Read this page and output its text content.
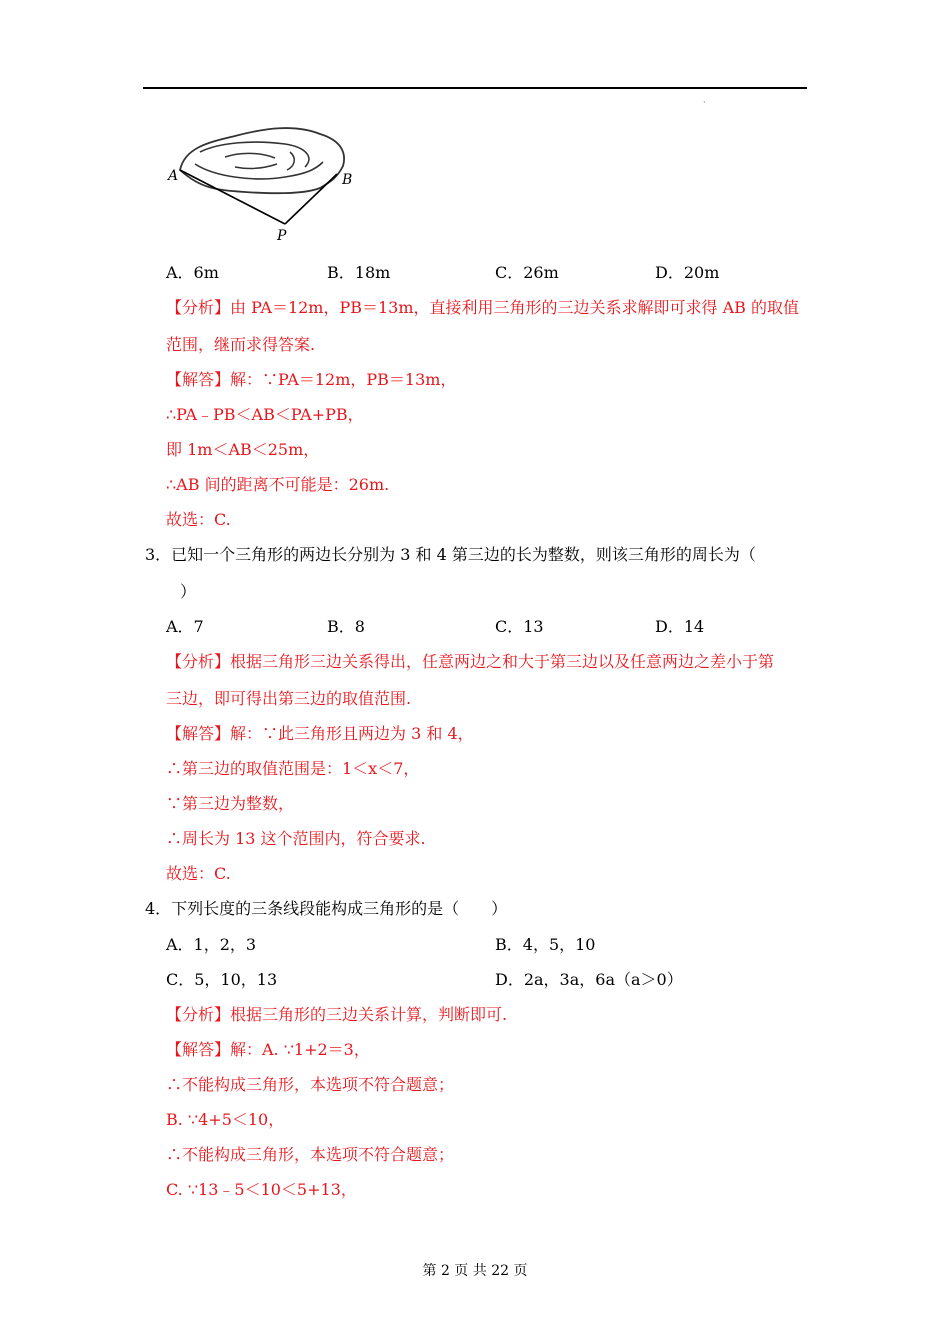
·
A	B
P
A．6m	B．18m	C．26m	D．20m
【分析】由 PA＝12m，PB＝13m，直接利用三角形的三边关系求解即可求得 AB 的取值
范围，继而求得答案.
【解答】解：∵PA＝12m，PB＝13m，
∴PA﹣PB＜AB＜PA+PB，
即 1m＜AB＜25m，
∴AB 间的距离不可能是：26m.
故选：C.
3．已知一个三角形的两边长分别为 3 和 4 第三边的长为整数，则该三角形的周长为（
）
A．7	B．8	C．13	D．14
【分析】根据三角形三边关系得出，任意两边之和大于第三边以及任意两边之差小于第
三边，即可得出第三边的取值范围.
【解答】解：∵此三角形且两边为 3 和 4，
∴第三边的取值范围是：1＜x＜7，
∵第三边为整数，
∴周长为 13 这个范围内，符合要求.
故选：C.
4．下列长度的三条线段能构成三角形的是（　　）
A．1，2，3	B．4，5，10
C．5，10，13	D．2a，3a，6a（a＞0）
【分析】根据三角形的三边关系计算，判断即可.
【解答】解：A. ∵1+2＝3，
∴不能构成三角形，本选项不符合题意；
B. ∵4+5＜10，
∴不能构成三角形，本选项不符合题意；
C. ∵13﹣5＜10＜5+13，
第 2 页 共 22 页
